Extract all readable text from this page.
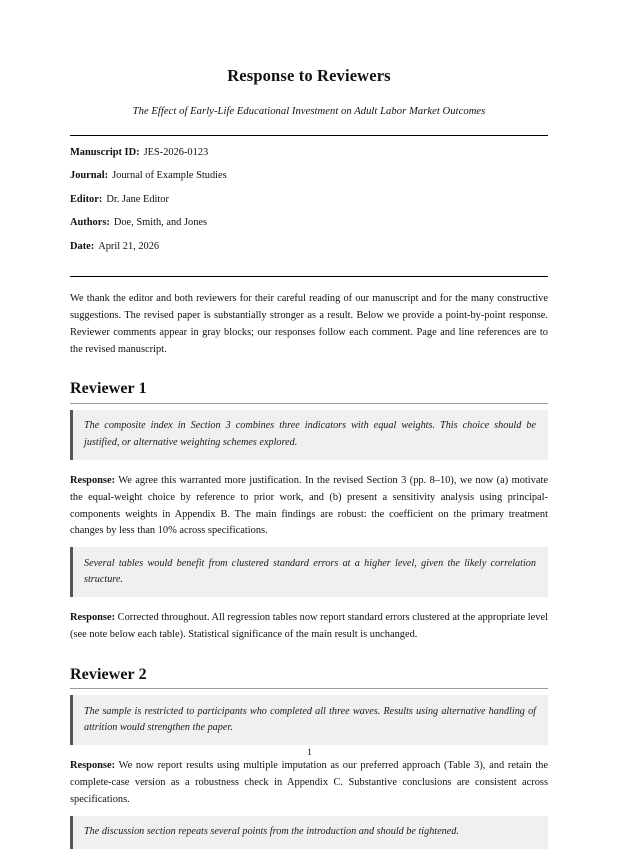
Response to Reviewers
The Effect of Early-Life Educational Investment on Adult Labor Market Outcomes
Manuscript ID: JES-2026-0123
Journal: Journal of Example Studies
Editor: Dr. Jane Editor
Authors: Doe, Smith, and Jones
Date: April 21, 2026

We thank the editor and both reviewers for their careful reading of our manuscript and for the many constructive suggestions. The revised paper is substantially stronger as a result. Below we provide a point-by-point response. Reviewer comments appear in gray blocks; our responses follow each comment. Page and line references are to the revised manuscript.

Reviewer 1

The composite index in Section 3 combines three indicators with equal weights. This choice should be justified, or alternative weighting schemes explored.

Response: We agree this warranted more justification. In the revised Section 3 (pp. 8–10), we now (a) motivate the equal-weight choice by reference to prior work, and (b) present a sensitivity analysis using principal-components weights in Appendix B. The main findings are robust: the coefficient on the primary treatment changes by less than 10% across specifications.

Several tables would benefit from clustered standard errors at a higher level, given the likely correlation structure.

Response: Corrected throughout. All regression tables now report standard errors clustered at the appropriate level (see note below each table). Statistical significance of the main result is unchanged.

Reviewer 2

The sample is restricted to participants who completed all three waves. Results using alternative handling of attrition would strengthen the paper.

Response: We now report results using multiple imputation as our preferred approach (Table 3), and retain the complete-case version as a robustness check in Appendix C. Substantive conclusions are consistent across specifications.

The discussion section repeats several points from the introduction and should be tightened.

1
